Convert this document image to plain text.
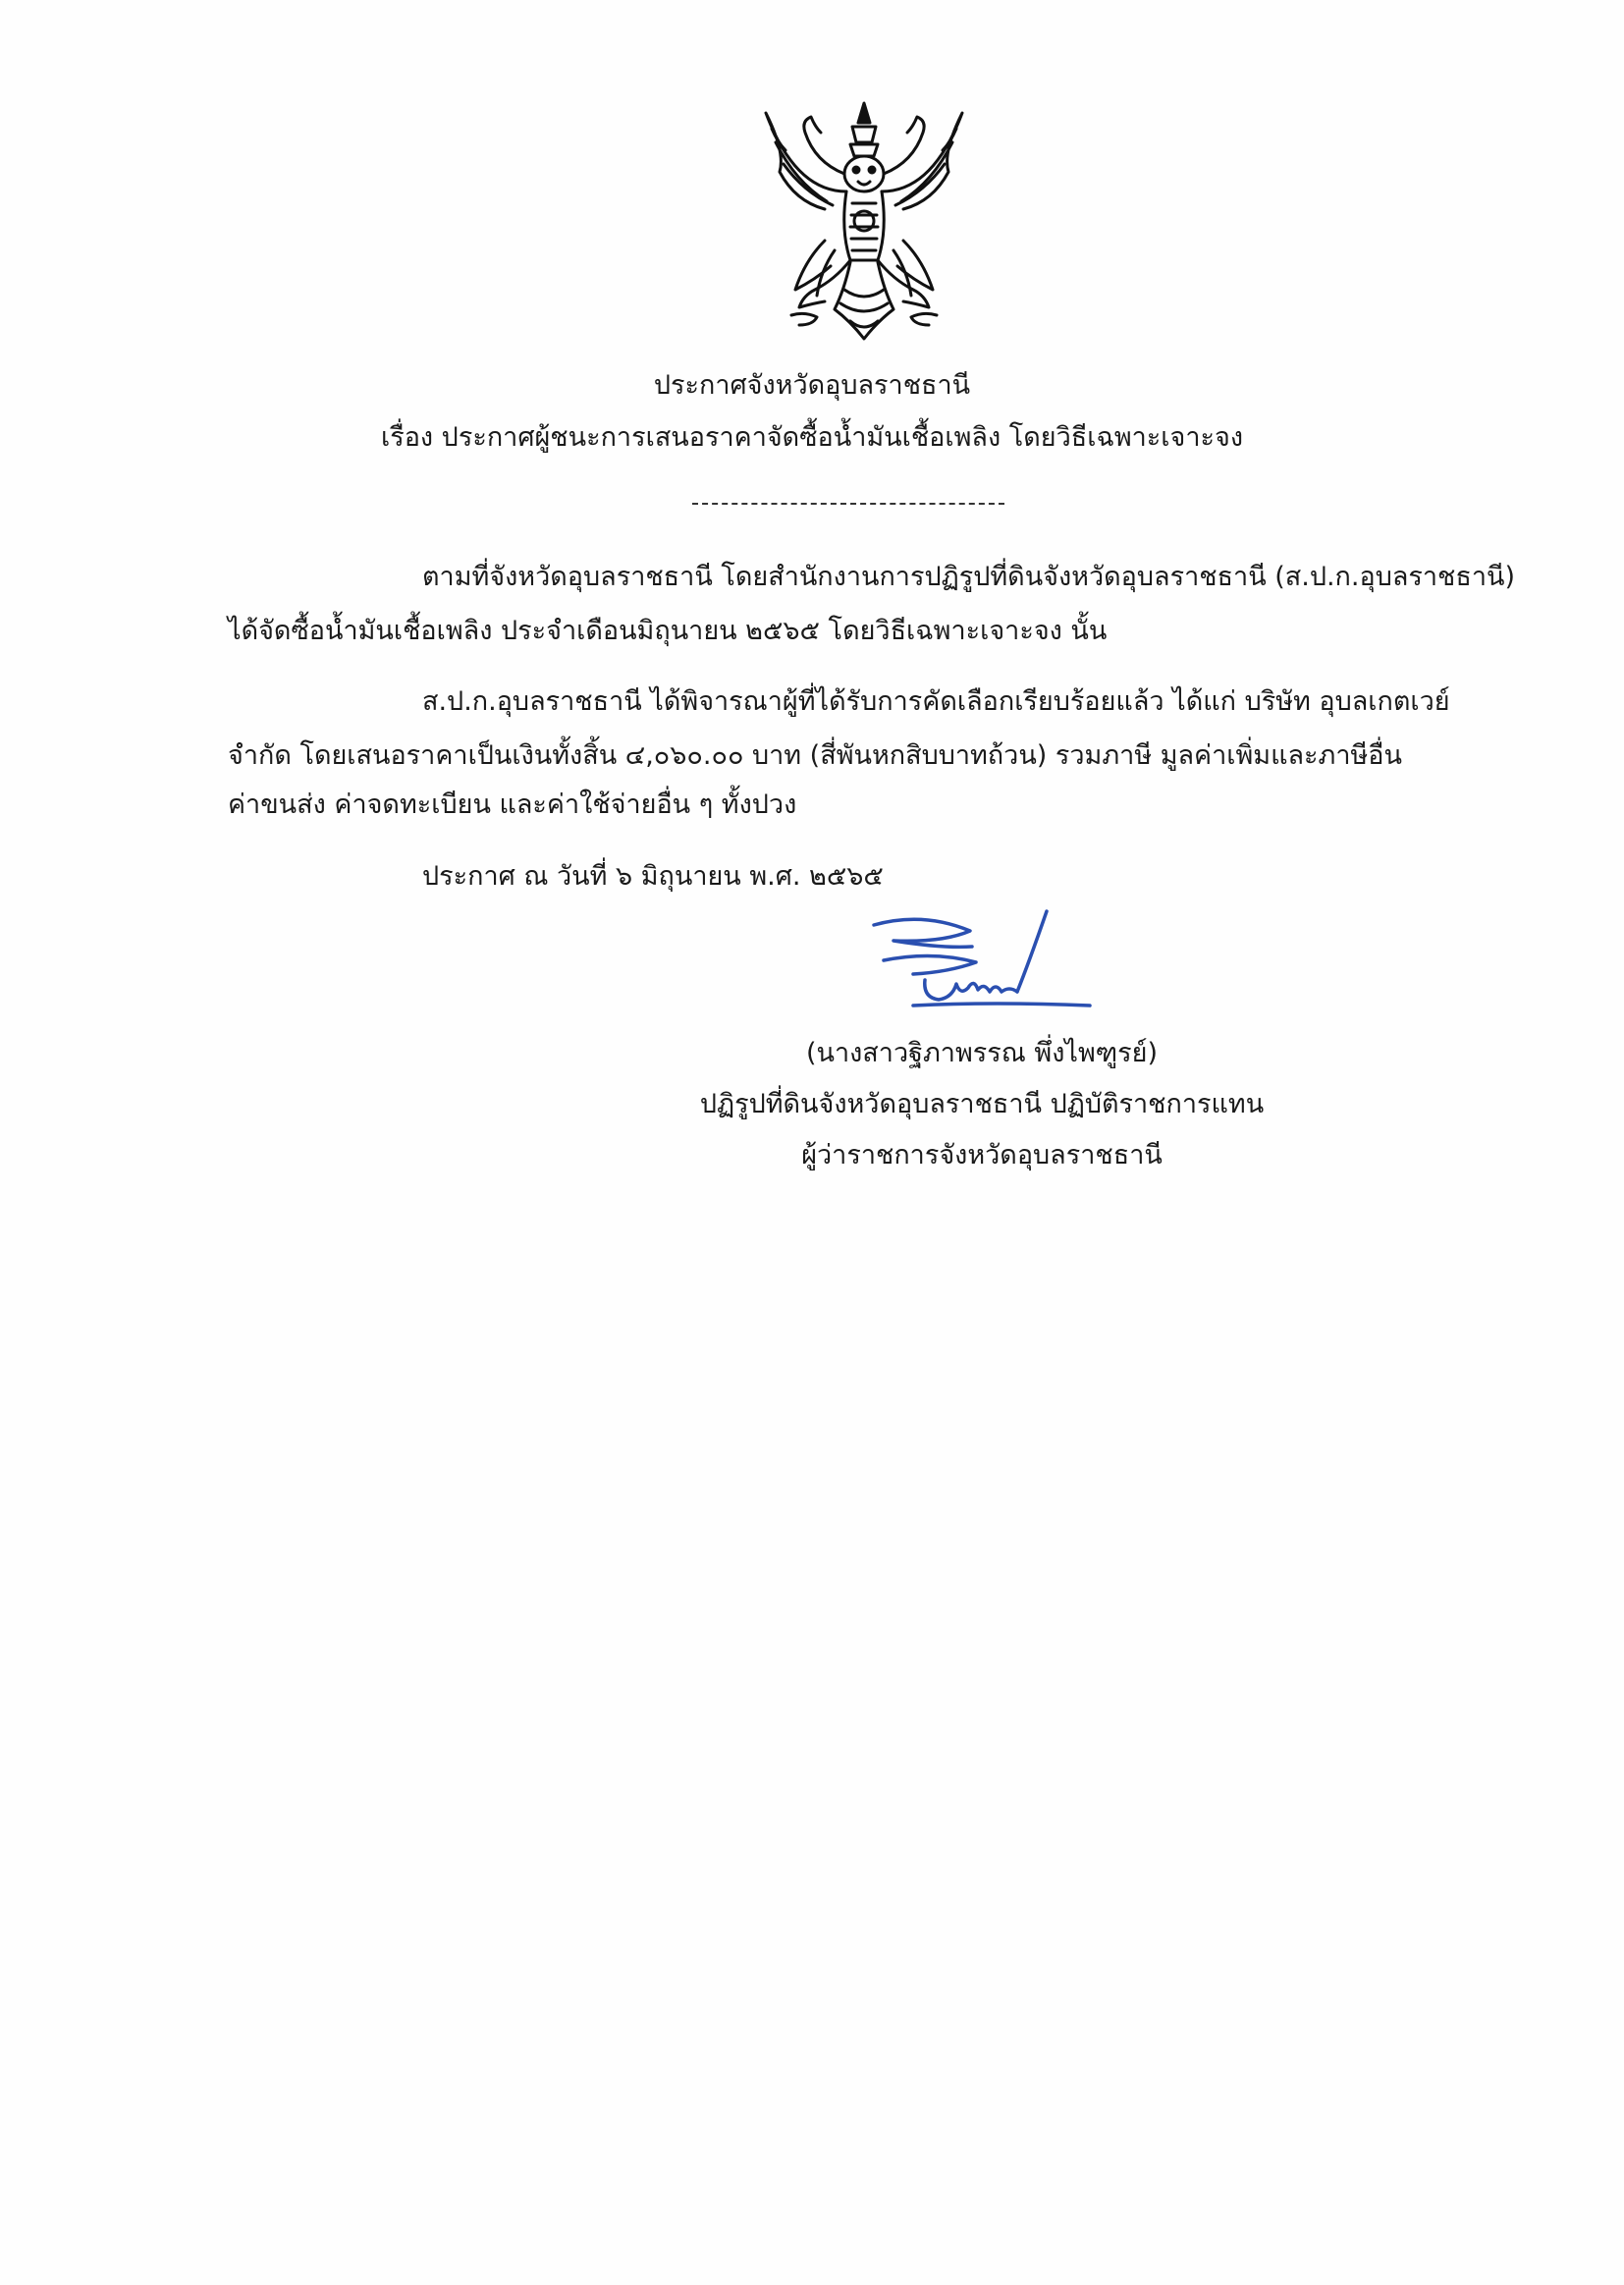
ประกาศจังหวัดอุบลราชธานี
เรื่อง ประกาศผู้ชนะการเสนอราคาจัดซื้อน้ำมันเชื้อเพลิง โดยวิธีเฉพาะเจาะจง
ตามที่จังหวัดอุบลราชธานี โดยสำนักงานการปฏิรูปที่ดินจังหวัดอุบลราชธานี (ส.ป.ก.อุบลราชธานี)
ได้จัดซื้อน้ำมันเชื้อเพลิง ประจำเดือนมิถุนายน ๒๕๖๕ โดยวิธีเฉพาะเจาะจง นั้น
ส.ป.ก.อุบลราชธานี ได้พิจารณาผู้ที่ได้รับการคัดเลือกเรียบร้อยแล้ว ได้แก่ บริษัท อุบลเกตเวย์
จำกัด โดยเสนอราคาเป็นเงินทั้งสิ้น ๔,๐๖๐.๐๐ บาท (สี่พันหกสิบบาทถ้วน) รวมภาษี มูลค่าเพิ่มและภาษีอื่น
ค่าขนส่ง ค่าจดทะเบียน และค่าใช้จ่ายอื่น ๆ ทั้งปวง
ประกาศ ณ วันที่ ๖ มิถุนายน พ.ศ. ๒๕๖๕
(นางสาวฐิภาพรรณ พึ่งไพฑูรย์)
ปฏิรูปที่ดินจังหวัดอุบลราชธานี ปฏิบัติราชการแทน
ผู้ว่าราชการจังหวัดอุบลราชธานี
